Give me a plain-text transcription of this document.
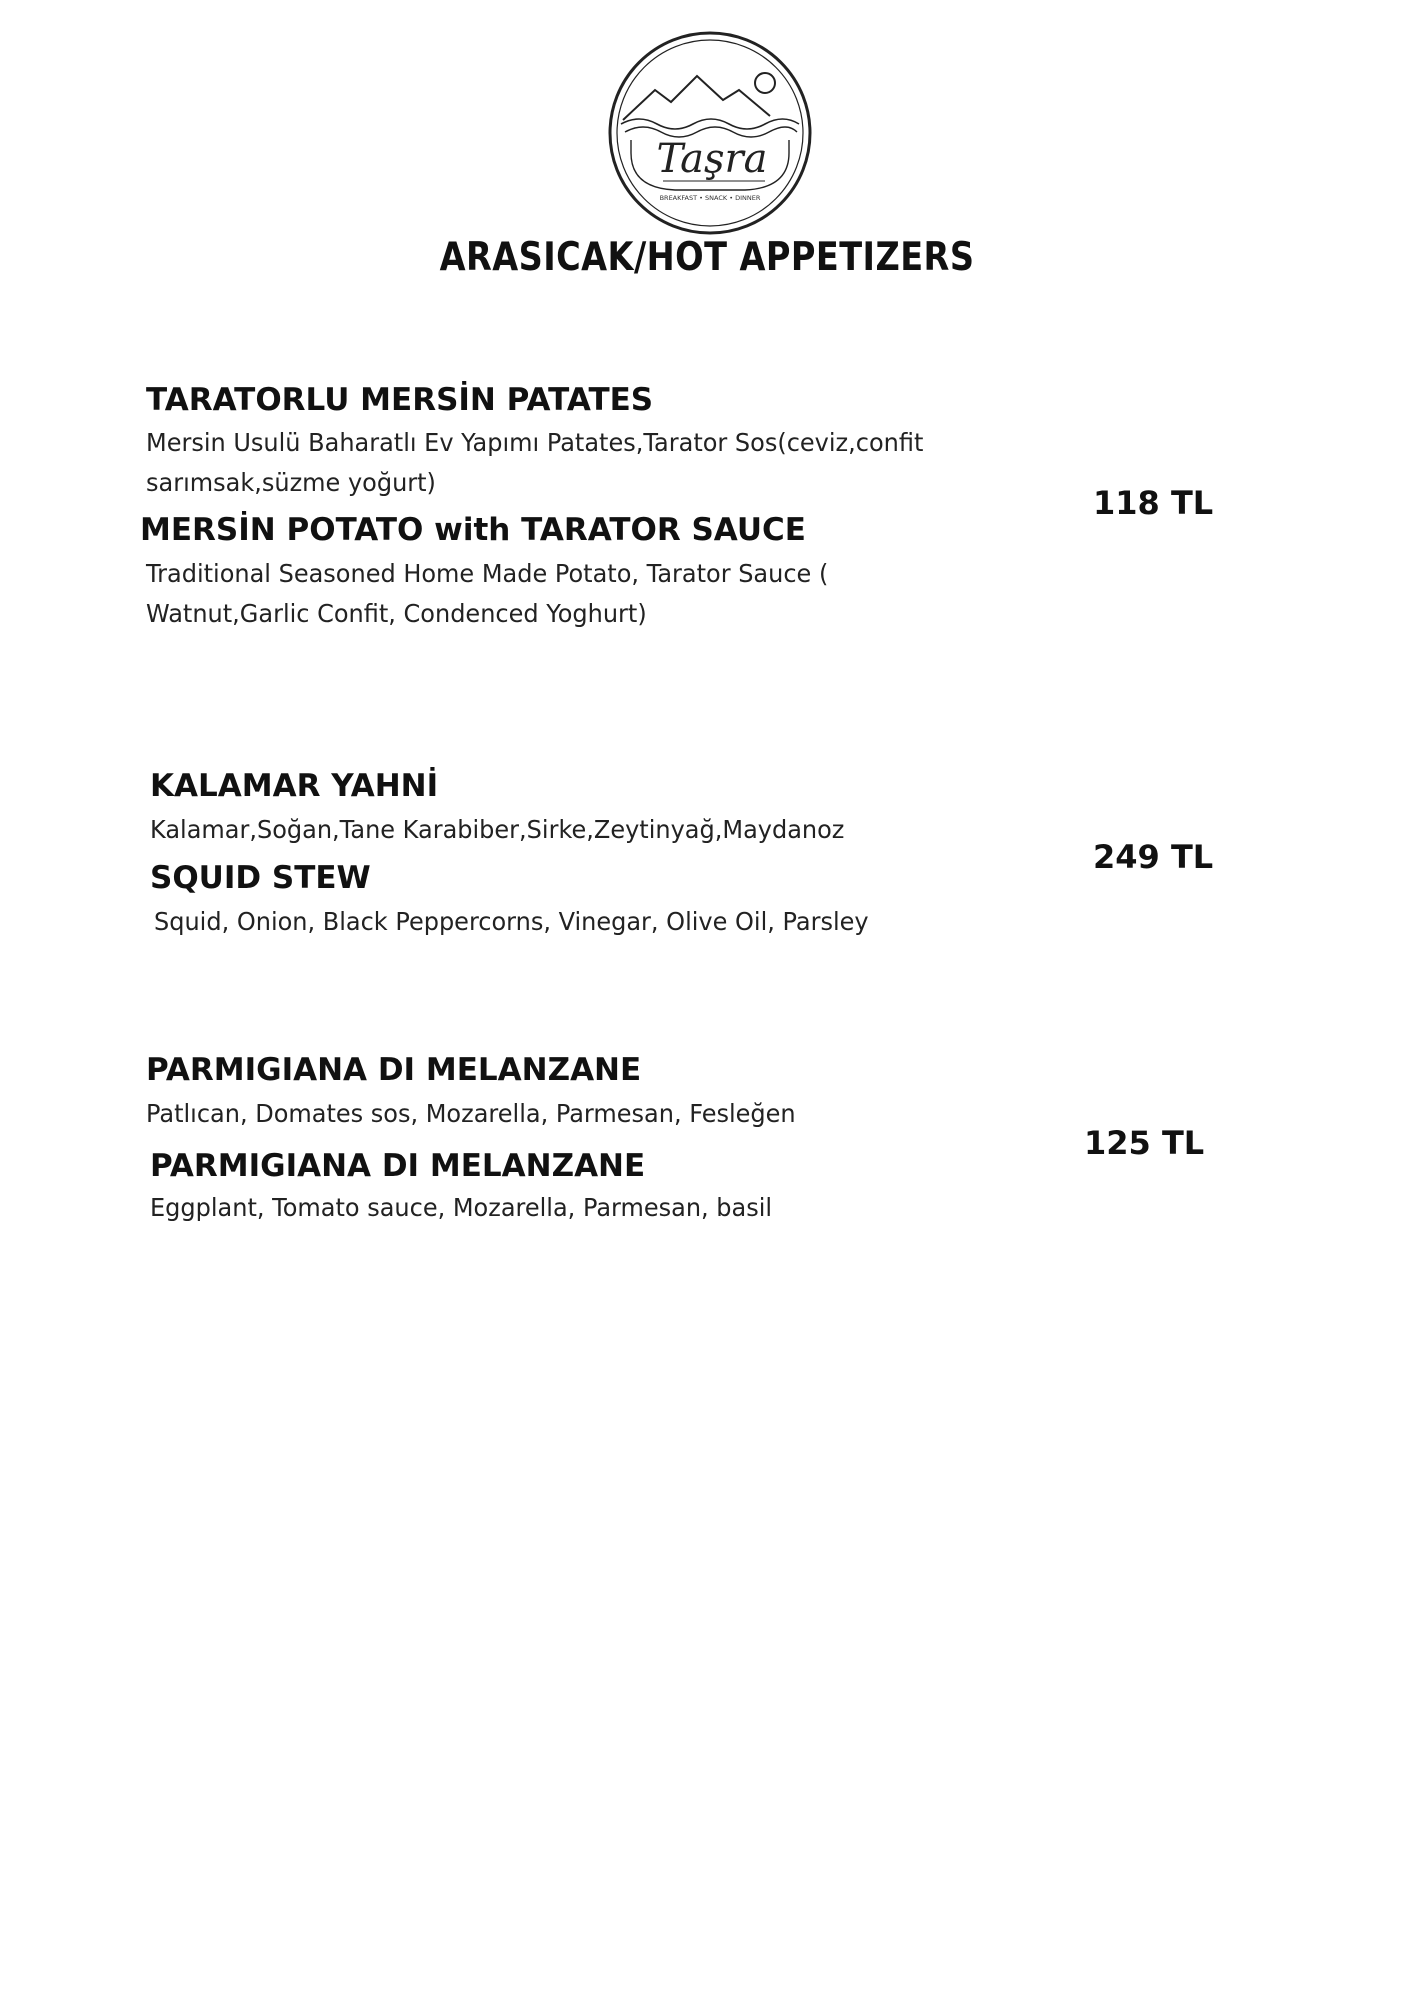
Taşra
BREAKFAST • SNACK • DINNER
ARASICAK/HOT APPETIZERS
TARATORLU MERSİN PATATES
Mersin Usulü Baharatlı Ev Yapımı Patates,Tarator Sos(ceviz,confit
sarımsak,süzme yoğurt)
MERSİN POTATO with TARATOR SAUCE
Traditional Seasoned Home Made Potato, Tarator Sauce (
Watnut,Garlic Confit, Condenced Yoghurt)
118 TL
KALAMAR YAHNİ
Kalamar,Soğan,Tane Karabiber,Sirke,Zeytinyağ,Maydanoz
SQUID STEW
Squid, Onion, Black Peppercorns, Vinegar, Olive Oil, Parsley
249 TL
PARMIGIANA DI MELANZANE
Patlıcan, Domates sos, Mozarella, Parmesan, Fesleğen
PARMIGIANA DI MELANZANE
Eggplant, Tomato sauce, Mozarella, Parmesan, basil
125 TL
